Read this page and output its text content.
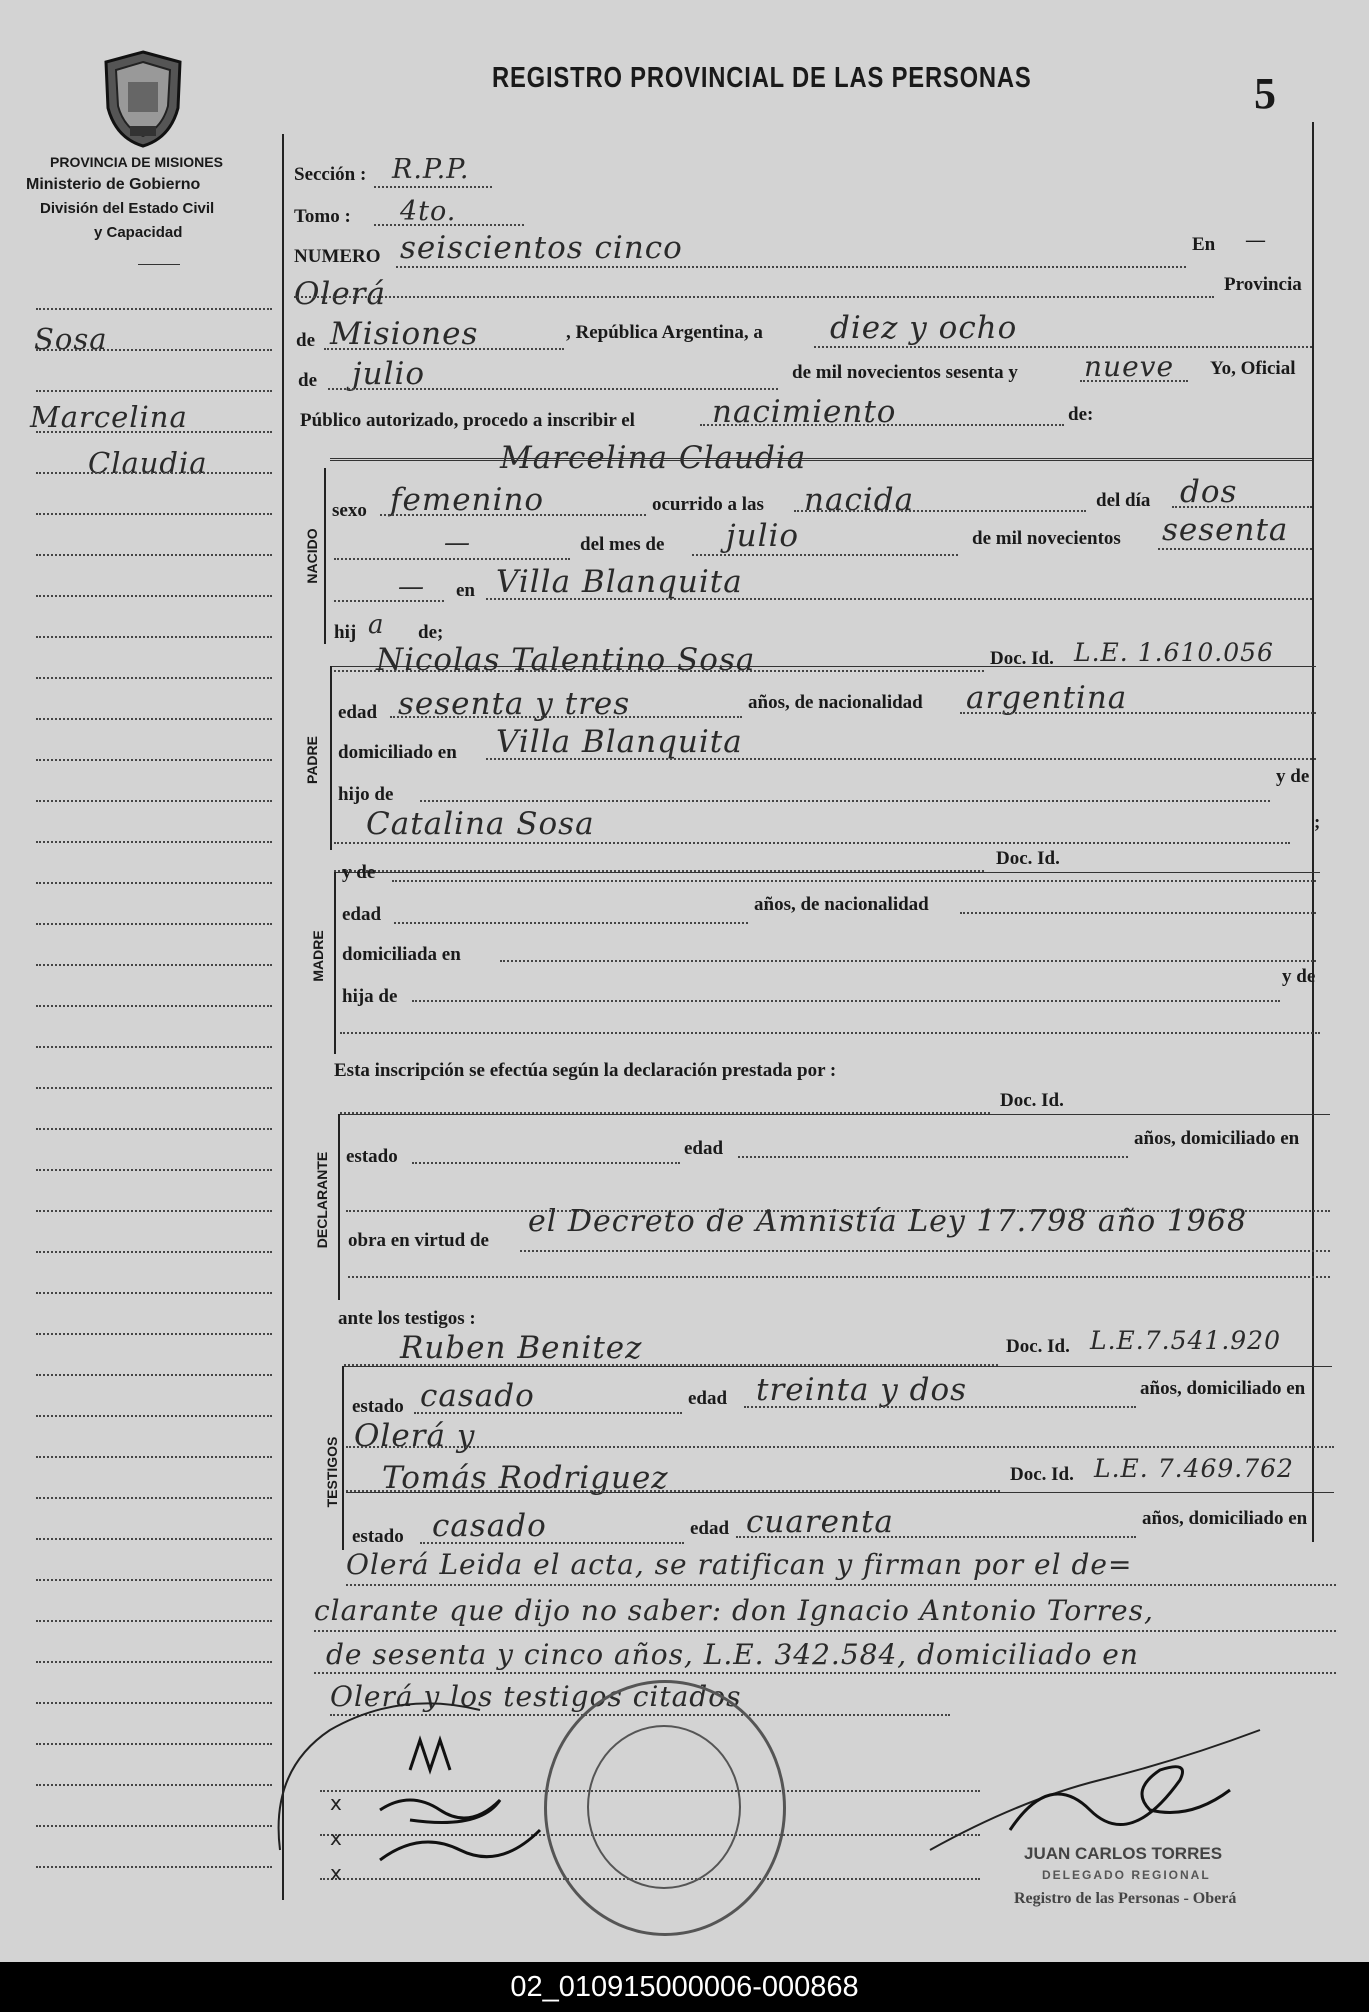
PROVINCIA DE MISIONES
Ministerio de Gobierno
División del Estado Civil
y Capacidad
REGISTRO PROVINCIAL DE LAS PERSONAS	5
Sosa
Marcelina
Claudia
Sección : R.P.P.
Tomo : 4to.
NUMERO seiscientos cinco	En —
Olerá	Provincia
de Misiones	, República Argentina, a diez y ocho
de julio	de mil novecientos sesenta y nueve Yo, Oficial
Público autorizado, procedo a inscribir el nacimiento	de:
Marcelina Claudia
NACIDO
sexo femenino	ocurrido a las nacida	del día dos
—	del mes de julio	de mil novecientos sesenta
— en Villa Blanquita
hij a de;
PADRE
Nicolas Talentino Sosa	Doc. Id. L.E. 1.610.056
edad sesenta y tres	años, de nacionalidad argentina
domiciliado en Villa Blanquita
hijo de
y de
Catalina Sosa	;
Doc. Id.
MADRE
y de
edad	años, de nacionalidad
domiciliada en
hija de
y de
Esta inscripción se efectúa según la declaración prestada por :
Doc. Id.
DECLARANTE estado	edad	años, domiciliado en
obra en virtud de
el Decreto de Amnistía Ley 17.798 año 1968
ante los testigos :
Ruben Benitez	Doc. Id. L.E.7.541.920
TESTIGOS
estado casado	edad treinta y dos	años, domiciliado en
Olerá y
Tomás Rodriguez	Doc. Id. L.E. 7.469.762
estado casado	edad cuarenta	años, domiciliado en
Olerá Leida el acta, se ratifican y firman por el de=
clarante que dijo no saber: don Ignacio Antonio Torres,
de sesenta y cinco años, L.E. 342.584, domiciliado en
Olerá y los testigos citados
x
x
x
JUAN CARLOS TORRES
DELEGADO REGIONAL
Registro de las Personas - Oberá
02_010915000006-000868
